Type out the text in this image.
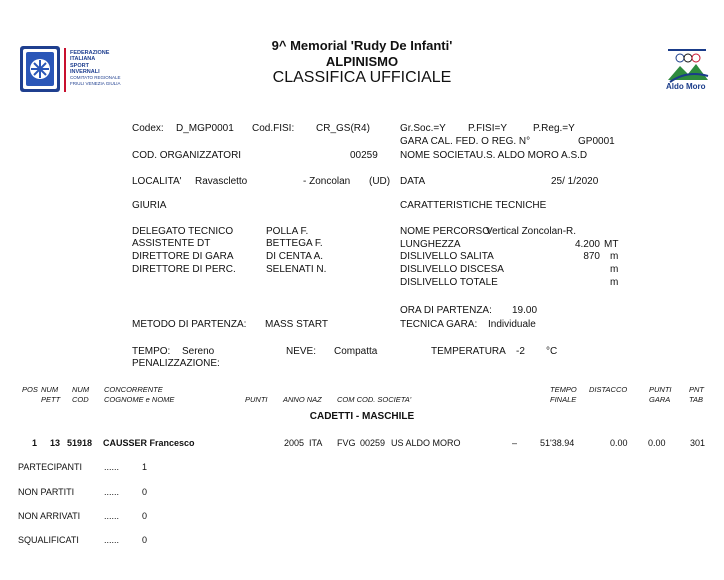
FEDERAZIONE
ITALIANA
SPORT
INVERNALI
COMITATO REGIONALE
FRIULI VENEZIA GIULIA	Aldo Moro
9^ Memorial 'Rudy De Infanti'
ALPINISMO
CLASSIFICA UFFICIALE
Codex: D_MGP0001 Cod.FISI: CR_GS(R4)
COD. ORGANIZZATORI	00259
LOCALITA' Ravascletto	- Zoncolan (UD)
GIURIA
DELEGATO TECNICO	POLLA F.
ASSISTENTE DT	BETTEGA F.
DIRETTORE DI GARA	DI CENTA A.
DIRETTORE DI PERC.	SELENATI N.
METODO DI PARTENZA: MASS START
TEMPO: Sereno	NEVE: Compatta	TEMPERATURA -2 °C
PENALIZZAZIONE:
Gr.Soc.=Y P.FISI=Y	P.Reg.=Y
GARA CAL. FED. O REG. N°	GP0001
NOME SOCIETA'
U.S. ALDO MORO A.S.D
DATA	25/ 1/2020
CARATTERISTICHE TECNICHE
NOME PERCORSO
Vertical Zoncolan-R.
LUNGHEZZA	4.200 MT
DISLIVELLO SALITA	870 m
DISLIVELLO DISCESA	m
DISLIVELLO TOTALE	m
ORA DI PARTENZA: 19.00
TECNICA GARA: Individuale
POS NUM
PETT
NUM
COD
CONCORRENTE
COGNOME e NOME	PUNTI ANNO NAZ COM COD. SOCIETA'
TEMPO
FINALE
DISTACCO	PUNTI
GARA
PNT
TAB
CADETTI - MASCHILE
1 13 51918 CAUSSER Francesco	2005 ITA FVG 00259 US ALDO MORO	–	51'38.94	0.00 0.00	301
PARTECIPANTI ......	1
NON PARTITI	......	0
NON ARRIVATI	......	0
SQUALIFICATI	......	0
